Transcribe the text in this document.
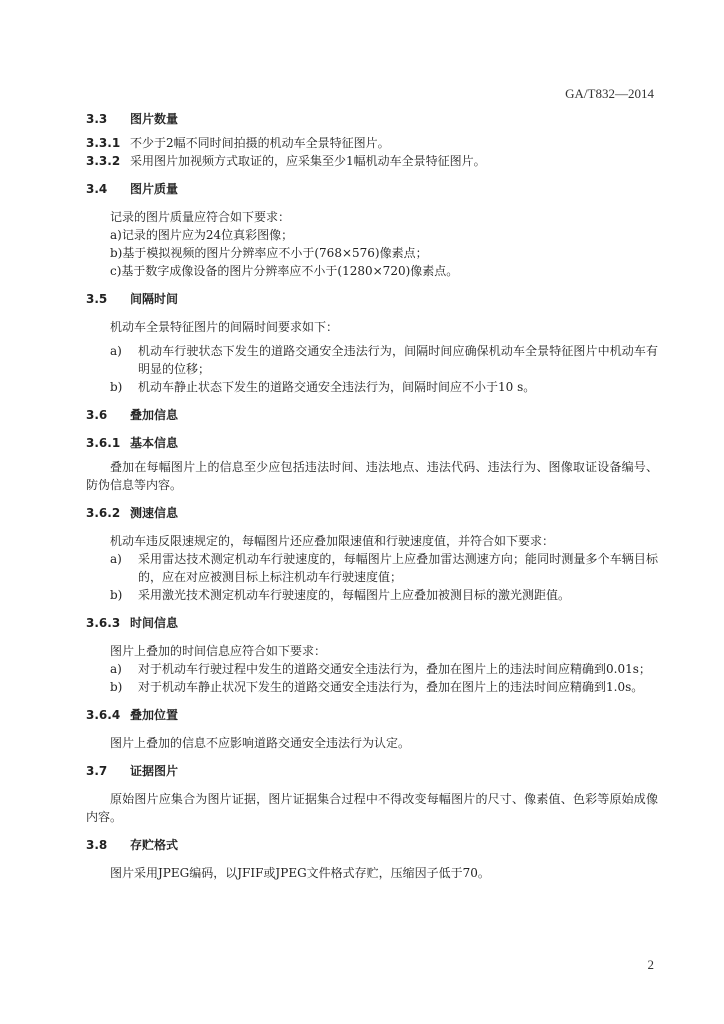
GA/T832—2014
3.3	图片数量
3.3.1 不少于2幅不同时间拍摄的机动车全景特征图片。
3.3.2 采用图片加视频方式取证的，应采集至少1幅机动车全景特征图片。
3.4	图片质量
记录的图片质量应符合如下要求：
a)记录的图片应为24位真彩图像；
b)基于模拟视频的图片分辨率应不小于(768×576)像素点；
c)基于数字成像设备的图片分辨率应不小于(1280×720)像素点。
3.5	间隔时间
机动车全景特征图片的间隔时间要求如下：
a)	机动车行驶状态下发生的道路交通安全违法行为，间隔时间应确保机动车全景特征图片中机动车有明显的位移；
b)	机动车静止状态下发生的道路交通安全违法行为，间隔时间应不小于10 s。
3.6	叠加信息
3.6.1 基本信息
叠加在每幅图片上的信息至少应包括违法时间、违法地点、违法代码、违法行为、图像取证设备编号、防伪信息等内容。
3.6.2 测速信息
机动车违反限速规定的，每幅图片还应叠加限速值和行驶速度值，并符合如下要求：
a)	采用雷达技术测定机动车行驶速度的，每幅图片上应叠加雷达测速方向；能同时测量多个车辆目标的，应在对应被测目标上标注机动车行驶速度值；
b)	采用激光技术测定机动车行驶速度的，每幅图片上应叠加被测目标的激光测距值。
3.6.3 时间信息
图片上叠加的时间信息应符合如下要求：
a)	对于机动车行驶过程中发生的道路交通安全违法行为，叠加在图片上的违法时间应精确到0.01s；
b)	对于机动车静止状况下发生的道路交通安全违法行为，叠加在图片上的违法时间应精确到1.0s。
3.6.4 叠加位置
图片上叠加的信息不应影响道路交通安全违法行为认定。
3.7	证据图片
原始图片应集合为图片证据，图片证据集合过程中不得改变每幅图片的尺寸、像素值、色彩等原始成像内容。
3.8	存贮格式
图片采用JPEG编码，以JFIF或JPEG文件格式存贮，压缩因子低于70。
2
